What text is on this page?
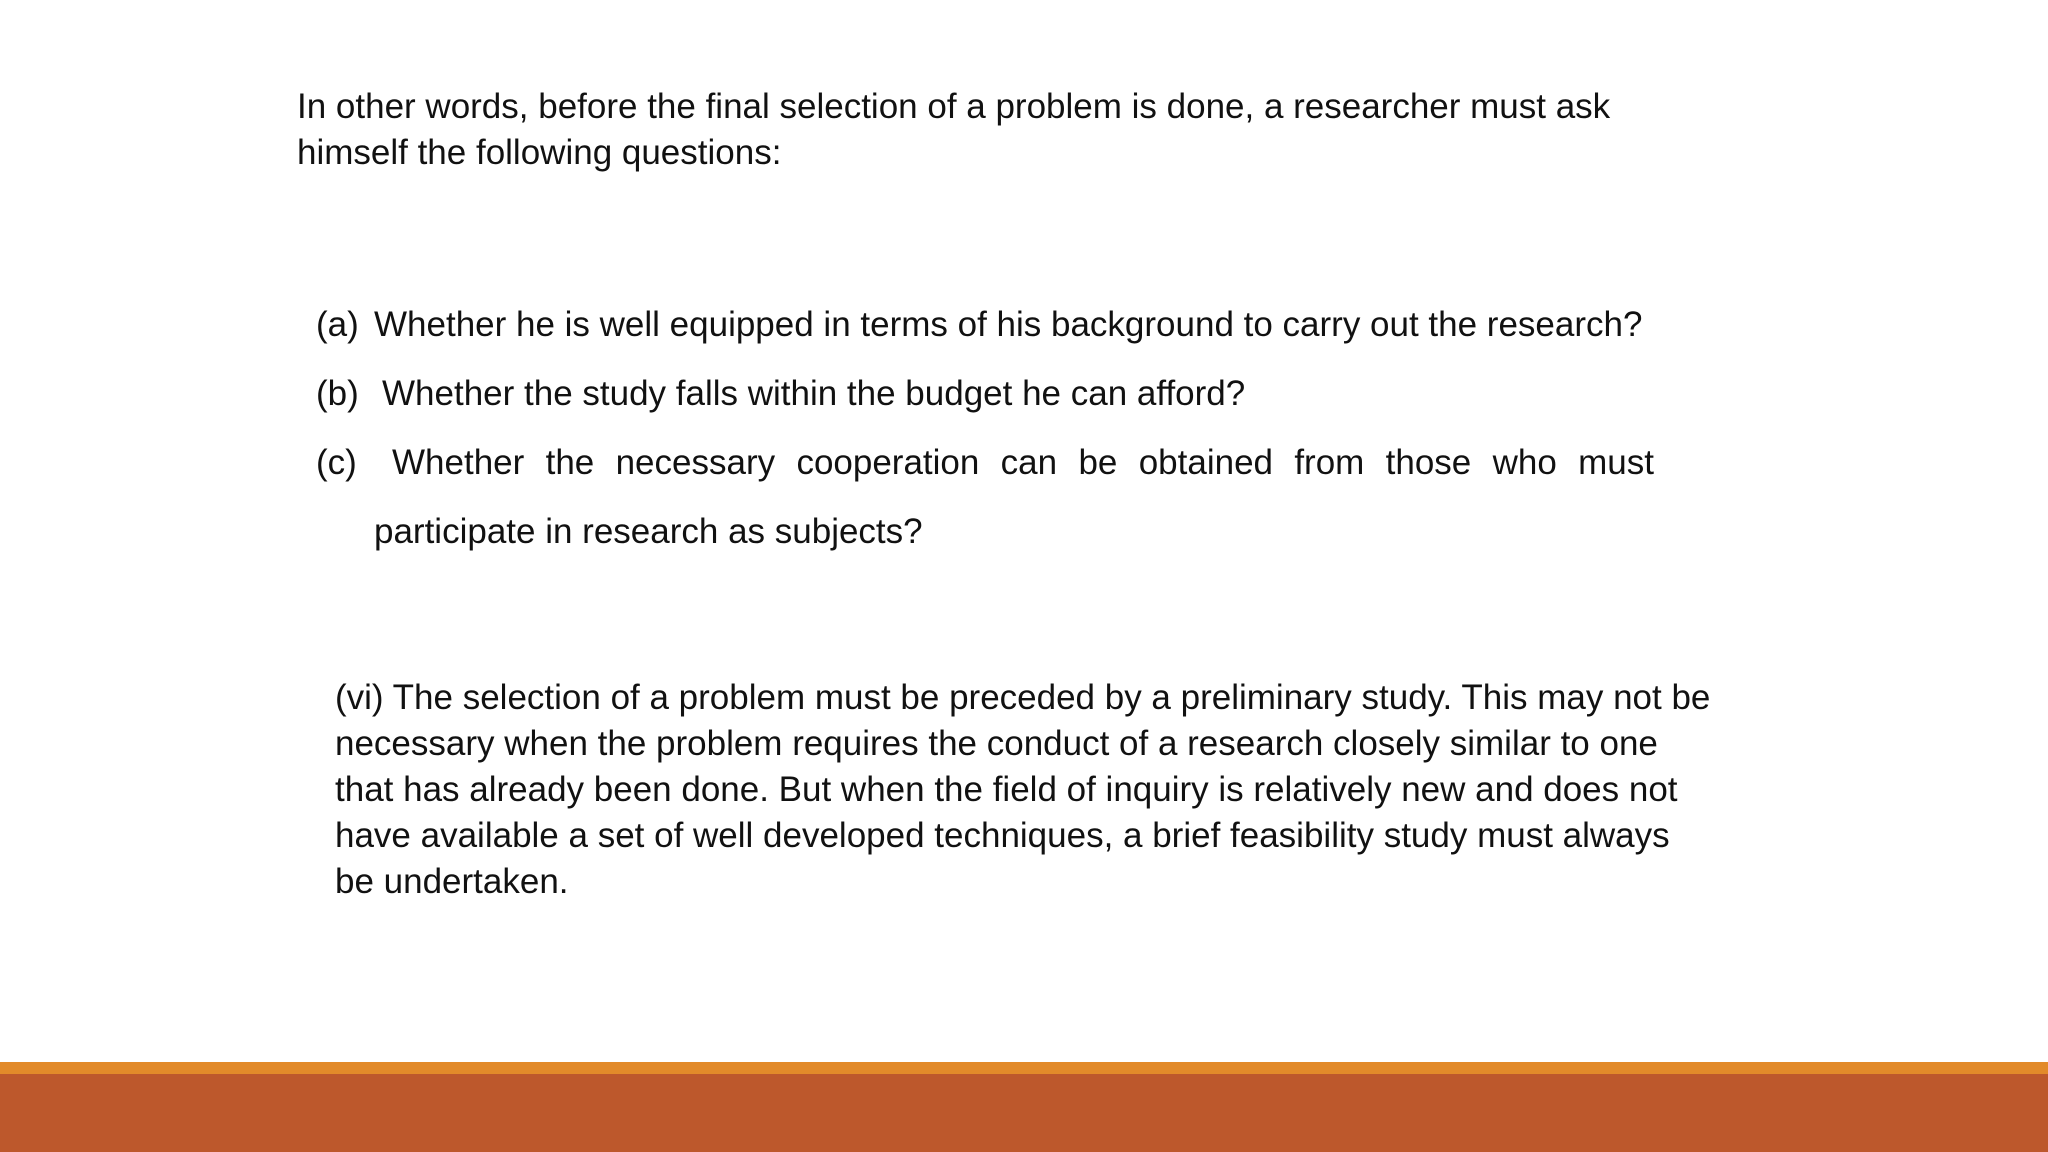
In other words, before the final selection of a problem is done, a researcher must ask himself the following questions:

(a) Whether he is well equipped in terms of his background to carry out the research?
(b) Whether the study falls within the budget he can afford?
(c) Whether the necessary cooperation can be obtained from those who must participate in research as subjects?

(vi) The selection of a problem must be preceded by a preliminary study. This may not be necessary when the problem requires the conduct of a research closely similar to one that has already been done. But when the field of inquiry is relatively new and does not have available a set of well developed techniques, a brief feasibility study must always be undertaken.
